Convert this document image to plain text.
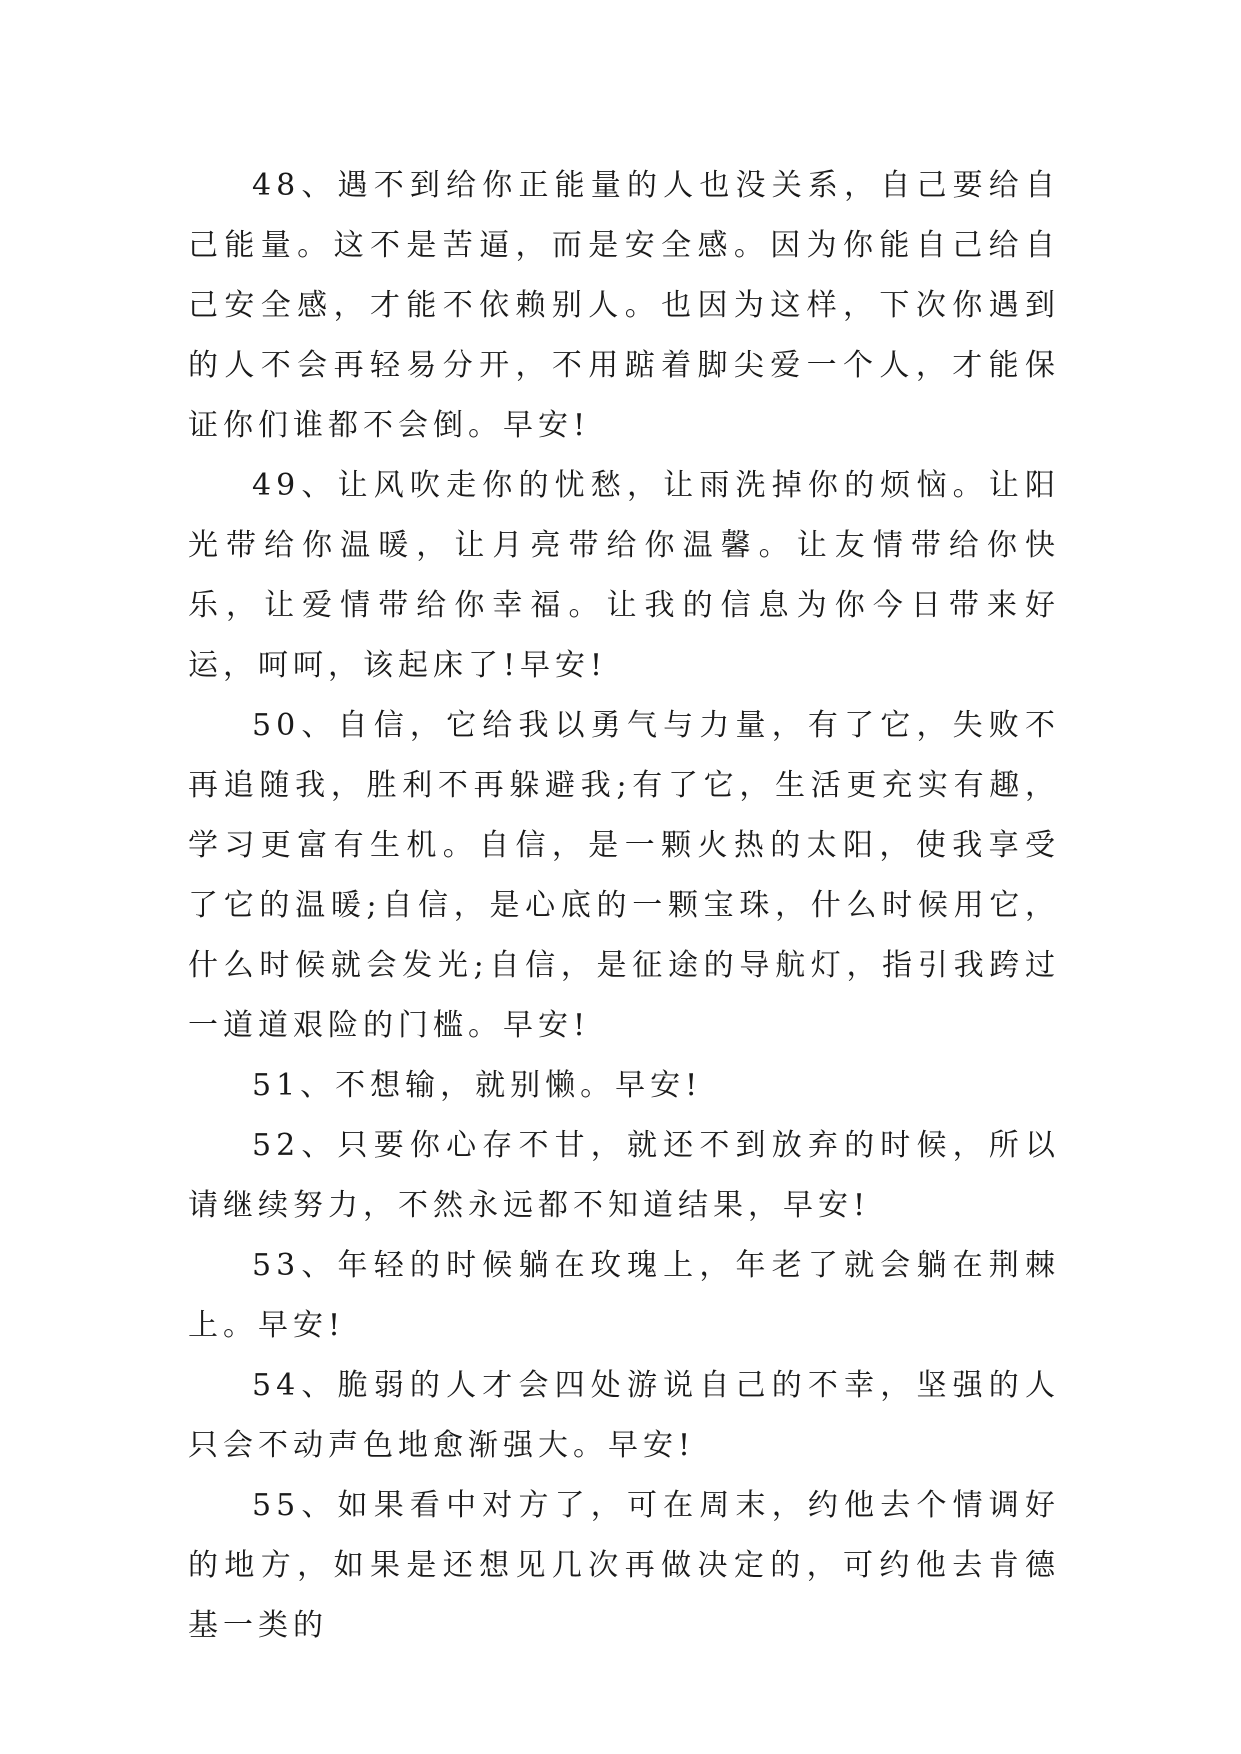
48、遇不到给你正能量的人也没关系，自己要给自己能量。这不是苦逼，而是安全感。因为你能自己给自己安全感，才能不依赖别人。也因为这样，下次你遇到的人不会再轻易分开，不用踮着脚尖爱一个人，才能保证你们谁都不会倒。早安!

49、让风吹走你的忧愁，让雨洗掉你的烦恼。让阳光带给你温暖，让月亮带给你温馨。让友情带给你快乐，让爱情带给你幸福。让我的信息为你今日带来好运，呵呵，该起床了!早安!

50、自信，它给我以勇气与力量，有了它，失败不再追随我，胜利不再躲避我;有了它，生活更充实有趣，学习更富有生机。自信，是一颗火热的太阳，使我享受了它的温暖;自信，是心底的一颗宝珠，什么时候用它，什么时候就会发光;自信，是征途的导航灯，指引我跨过一道道艰险的门槛。早安!

51、不想输，就别懒。早安!

52、只要你心存不甘，就还不到放弃的时候，所以请继续努力，不然永远都不知道结果，早安!

53、年轻的时候躺在玫瑰上，年老了就会躺在荆棘上。早安!

54、脆弱的人才会四处游说自己的不幸，坚强的人只会不动声色地愈渐强大。早安!

55、如果看中对方了，可在周末，约他去个情调好的地方，如果是还想见几次再做决定的，可约他去肯德基一类的
